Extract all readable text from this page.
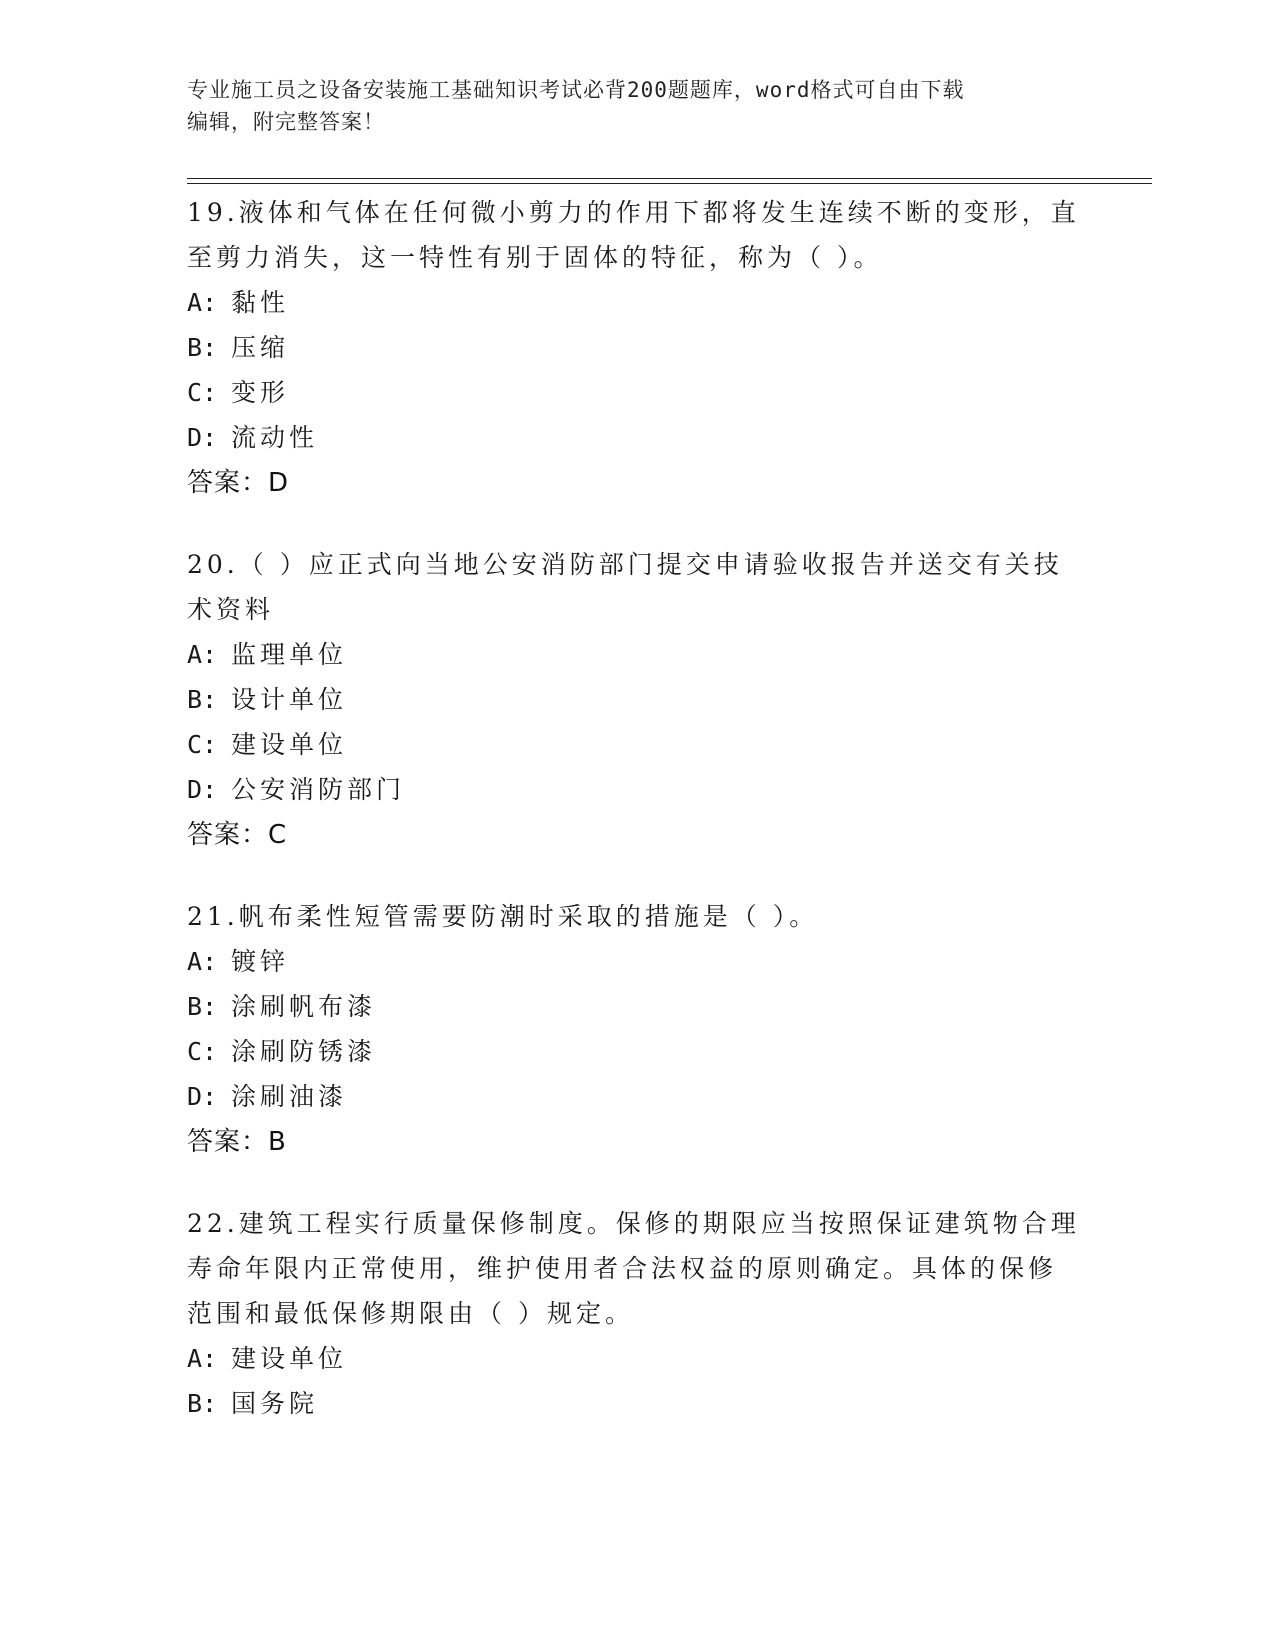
专业施工员之设备安装施工基础知识考试必背200题题库，word格式可自由下载
编辑，附完整答案！
19.液体和气体在任何微小剪力的作用下都将发生连续不断的变形，直
至剪力消失，这一特性有别于固体的特征，称为（ ）。
A: 黏性
B: 压缩
C: 变形
D: 流动性
答案：D
20.（ ）应正式向当地公安消防部门提交申请验收报告并送交有关技
术资料
A: 监理单位
B: 设计单位
C: 建设单位
D: 公安消防部门
答案：C
21.帆布柔性短管需要防潮时采取的措施是（ ）。
A: 镀锌
B: 涂刷帆布漆
C: 涂刷防锈漆
D: 涂刷油漆
答案：B
22.建筑工程实行质量保修制度。保修的期限应当按照保证建筑物合理
寿命年限内正常使用，维护使用者合法权益的原则确定。具体的保修
范围和最低保修期限由（ ）规定。
A: 建设单位
B: 国务院
